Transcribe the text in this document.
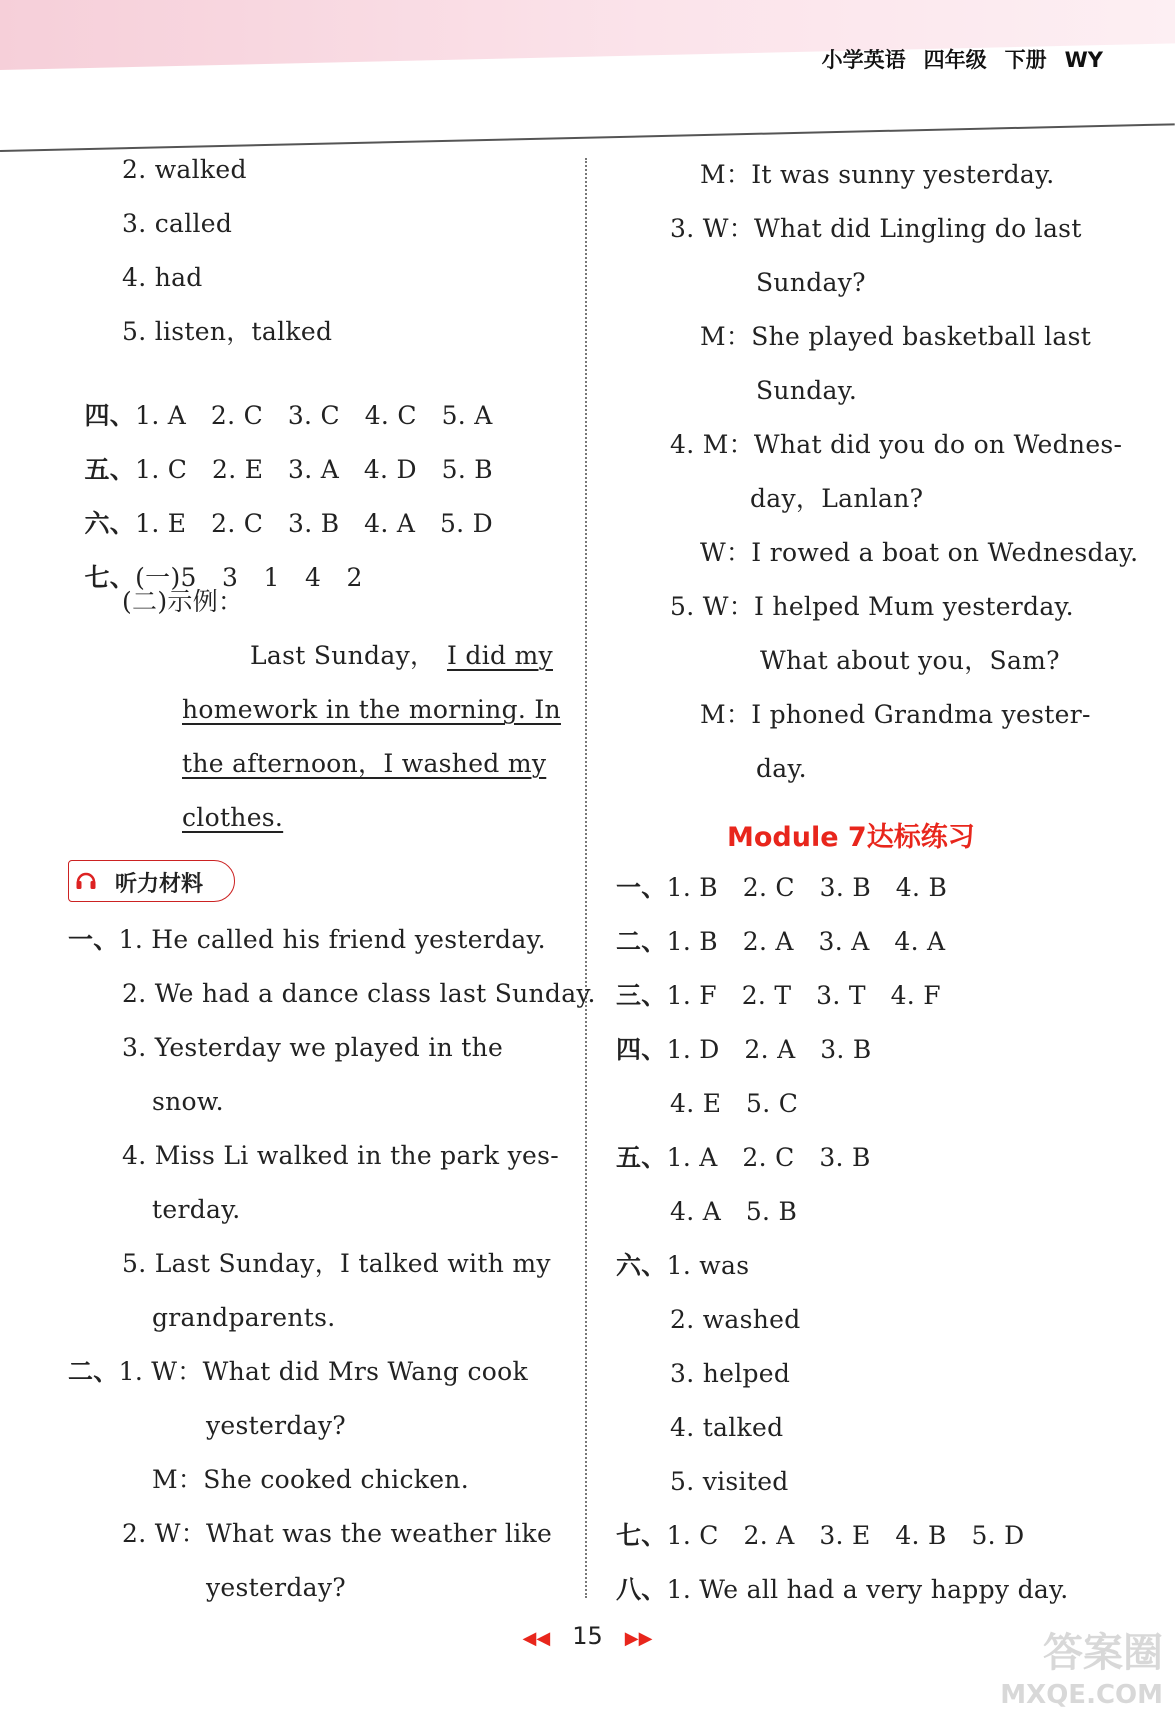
小学英语 四年级 下册 WY
2. walked
3. called
4. had
5. listen，talked

四、1. A 2. C 3. C 4. C 5. A

五、1. C 2. E 3. A 4. D 5. B

六、1. E 2. C 3. B 4. A 5. D

七、(一)5　3　1　4　2

(二)示例：
Last Sunday， I did my
homework in the morning. In
the afternoon，I washed my
clothes.
听力材料
一、1. He called his friend yesterday.
2. We had a dance class last Sunday.
3. Yesterday we played in the
snow.
4. Miss Li walked in the park yes-
terday.
5. Last Sunday，I talked with my
grandparents.
二、1. W：What did Mrs Wang cook
yesterday?
M：She cooked chicken.
2. W：What was the weather like
yesterday?
M：It was sunny yesterday.
3. W：What did Lingling do last
Sunday?
M：She played basketball last
Sunday.
4. M：What did you do on Wednes-
day，Lanlan?
W：I rowed a boat on Wednesday.
5. W：I helped Mum yesterday.
What about you，Sam?
M：I phoned Grandma yester-
day.
Module 7达标练习
一、1. B 2. C 3. B 4. B
二、1. B 2. A 3. A 4. A
三、1. F 2. T 3. T 4. F
四、1. D 2. A 3. B
4. E 5. C
五、1. A 2. C 3. B
4. A 5. B
六、1. was
2. washed
3. helped
4. talked
5. visited
七、1. C 2. A 3. E 4. B 5. D
八、1. We all had a very happy day.
◀◀ 15 ▶▶	答案圈
MXQE.COM
